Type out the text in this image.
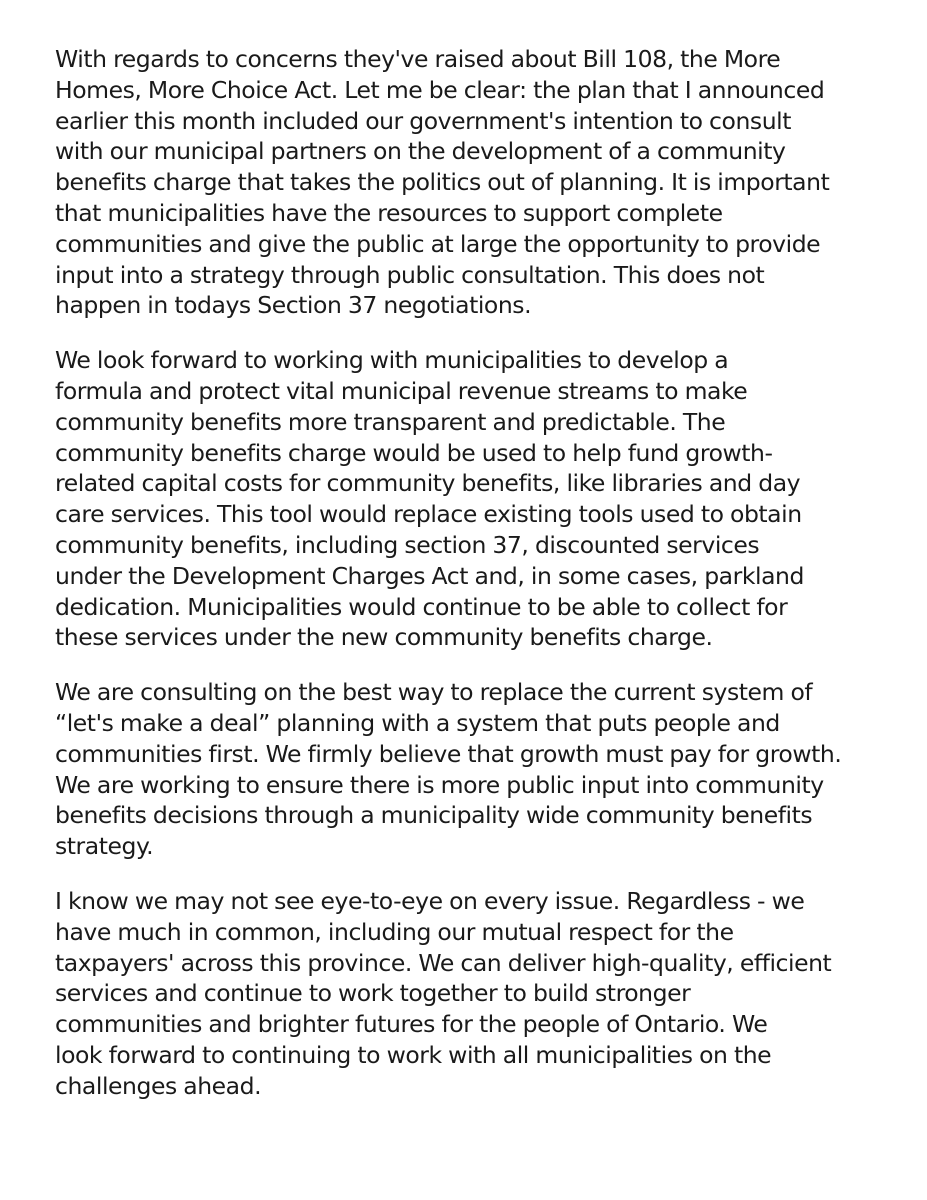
With regards to concerns they've raised about Bill 108, the More
Homes, More Choice Act. Let me be clear: the plan that I announced
earlier this month included our government's intention to consult
with our municipal partners on the development of a community
benefits charge that takes the politics out of planning. It is important
that municipalities have the resources to support complete
communities and give the public at large the opportunity to provide
input into a strategy through public consultation. This does not
happen in todays Section 37 negotiations.

We look forward to working with municipalities to develop a
formula and protect vital municipal revenue streams to make
community benefits more transparent and predictable. The
community benefits charge would be used to help fund growth-
related capital costs for community benefits, like libraries and day
care services. This tool would replace existing tools used to obtain
community benefits, including section 37, discounted services
under the Development Charges Act and, in some cases, parkland
dedication. Municipalities would continue to be able to collect for
these services under the new community benefits charge.

We are consulting on the best way to replace the current system of
“let's make a deal” planning with a system that puts people and
communities first. We firmly believe that growth must pay for growth.
We are working to ensure there is more public input into community
benefits decisions through a municipality wide community benefits
strategy.

I know we may not see eye-to-eye on every issue. Regardless - we
have much in common, including our mutual respect for the
taxpayers' across this province. We can deliver high-quality, efficient
services and continue to work together to build stronger
communities and brighter futures for the people of Ontario. We
look forward to continuing to work with all municipalities on the
challenges ahead.
